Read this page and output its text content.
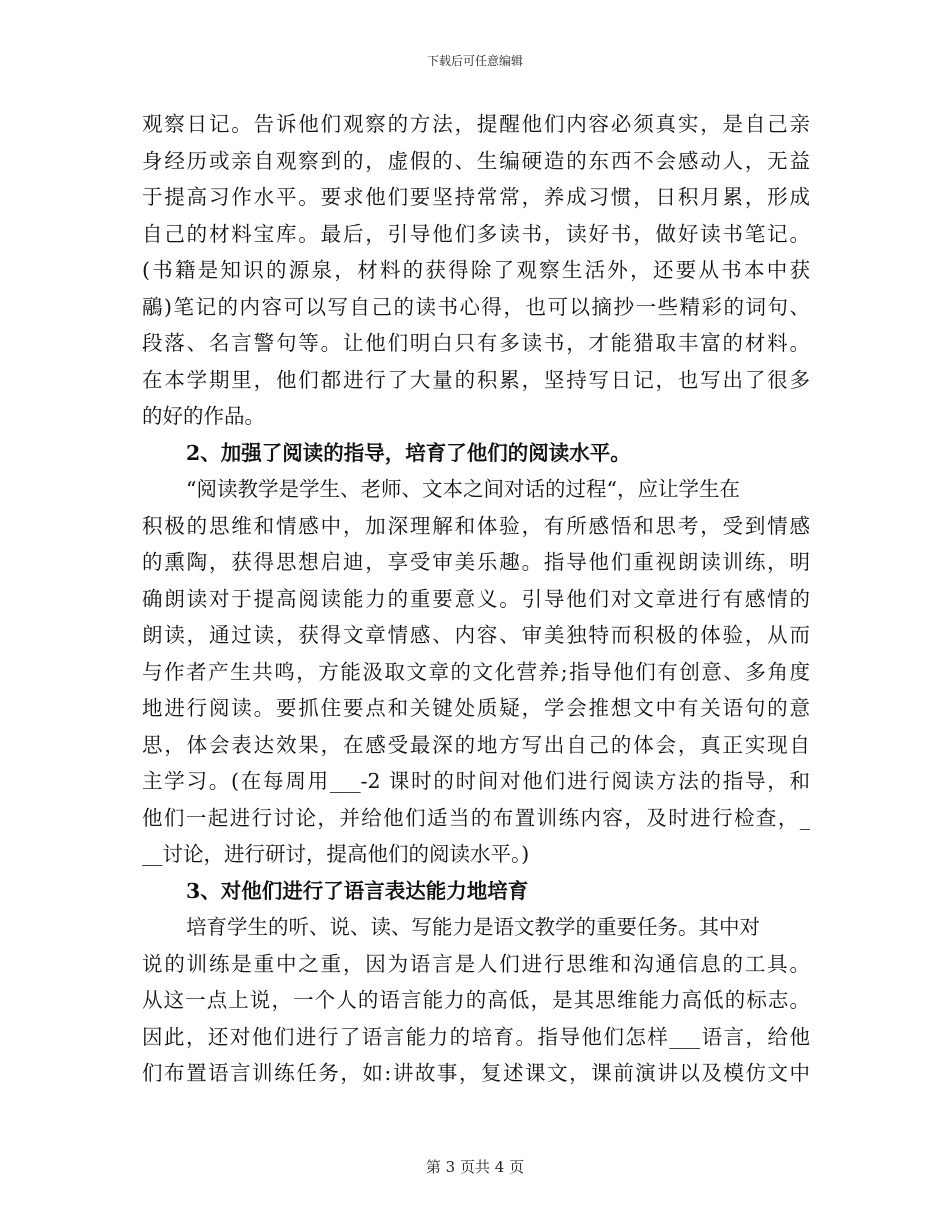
下载后可任意编辑
观察日记。告诉他们观察的方法，提醒他们内容必须真实，是自己亲
身经历或亲自观察到的，虚假的、生编硬造的东西不会感动人，无益
于提高习作水平。要求他们要坚持常常，养成习惯，日积月累，形成
自己的材料宝库。最后，引导他们多读书，读好书，做好读书笔记。
(书籍是知识的源泉，材料的获得除了观察生活外，还要从书本中获
鷊)笔记的内容可以写自己的读书心得，也可以摘抄一些精彩的词句、
段落、名言警句等。让他们明白只有多读书，才能猎取丰富的材料。
在本学期里，他们都进行了大量的积累，坚持写日记，也写出了很多
的好的作品。
2、加强了阅读的指导，培育了他们的阅读水平。
“阅读教学是学生、老师、文本之间对话的过程“，应让学生在
积极的思维和情感中，加深理解和体验，有所感悟和思考，受到情感
的熏陶，获得思想启迪，享受审美乐趣。指导他们重视朗读训练，明
确朗读对于提高阅读能力的重要意义。引导他们对文章进行有感情的
朗读，通过读，获得文章情感、内容、审美独特而积极的体验，从而
与作者产生共鸣，方能汲取文章的文化营养;指导他们有创意、多角度
地进行阅读。要抓住要点和关键处质疑，学会推想文中有关语句的意
思，体会表达效果，在感受最深的地方写出自己的体会，真正实现自
主学习。(在每周用___-2 课时的时间对他们进行阅读方法的指导，和
他们一起进行讨论，并给他们适当的布置训练内容，及时进行检查，_
__讨论，进行研讨，提高他们的阅读水平。)
3、对他们进行了语言表达能力地培育
培育学生的听、说、读、写能力是语文教学的重要任务。其中对
说的训练是重中之重，因为语言是人们进行思维和沟通信息的工具。
从这一点上说，一个人的语言能力的高低，是其思维能力高低的标志。
因此，还对他们进行了语言能力的培育。指导他们怎样___语言，给他
们布置语言训练任务，如:讲故事，复述课文，课前演讲以及模仿文中
第 3 页共 4 页
